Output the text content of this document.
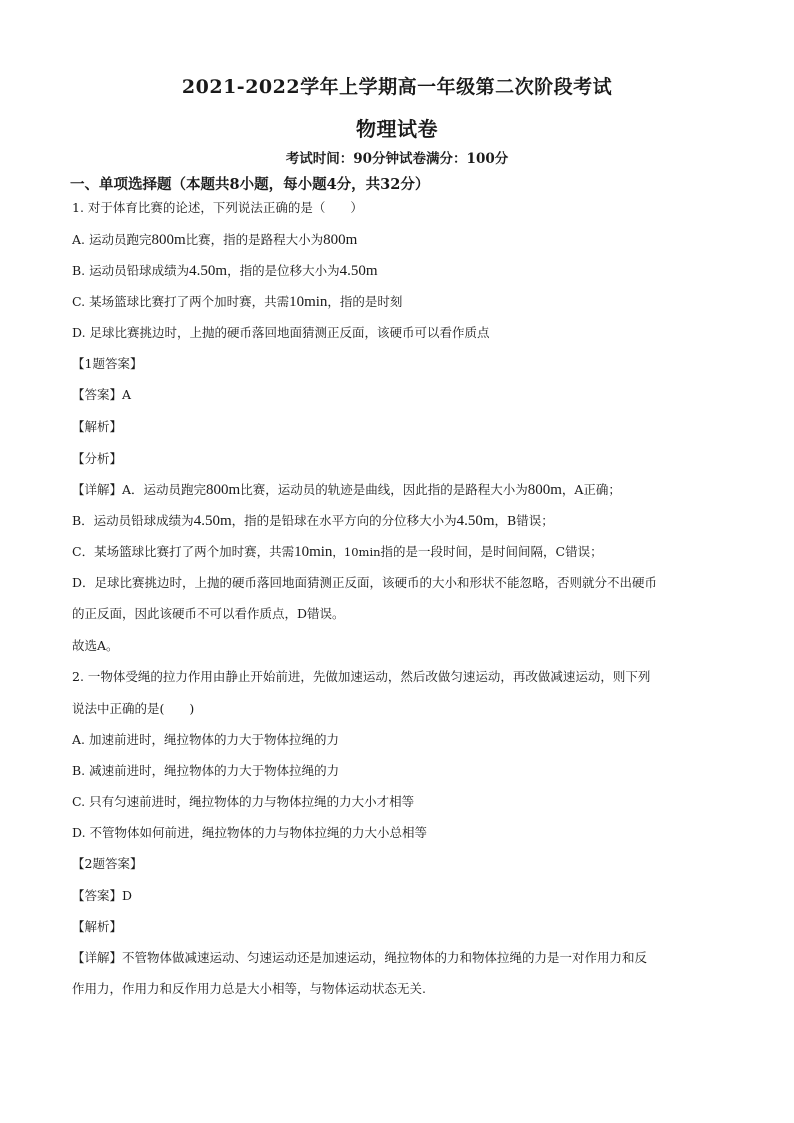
2021-2022学年上学期高一年级第二次阶段考试
物理试卷
考试时间：90分钟试卷满分：100分
一、单项选择题（本题共8小题，每小题4分，共32分）
1. 对于体育比赛的论述，下列说法正确的是（　　）
A. 运动员跑完800m比赛，指的是路程大小为800m
B. 运动员铅球成绩为4.50m，指的是位移大小为4.50m
C. 某场篮球比赛打了两个加时赛，共需10min，指的是时刻
D. 足球比赛挑边时，上抛的硬币落回地面猜测正反面，该硬币可以看作质点
【1题答案】
【答案】A
【解析】
【分析】
【详解】A．运动员跑完800m比赛，运动员的轨迹是曲线，因此指的是路程大小为800m，A正确；
B．运动员铅球成绩为4.50m，指的是铅球在水平方向的分位移大小为4.50m，B错误；
C．某场篮球比赛打了两个加时赛，共需10min，10min指的是一段时间，是时间间隔，C错误；
D．足球比赛挑边时，上抛的硬币落回地面猜测正反面，该硬币的大小和形状不能忽略，否则就分不出硬币
的正反面，因此该硬币不可以看作质点，D错误。
故选A。
2. 一物体受绳的拉力作用由静止开始前进，先做加速运动，然后改做匀速运动，再改做减速运动，则下列
说法中正确的是(　　)
A. 加速前进时，绳拉物体的力大于物体拉绳的力
B. 减速前进时，绳拉物体的力大于物体拉绳的力
C. 只有匀速前进时，绳拉物体的力与物体拉绳的力大小才相等
D. 不管物体如何前进，绳拉物体的力与物体拉绳的力大小总相等
【2题答案】
【答案】D
【解析】
【详解】不管物体做减速运动、匀速运动还是加速运动，绳拉物体的力和物体拉绳的力是一对作用力和反
作用力，作用力和反作用力总是大小相等，与物体运动状态无关.
